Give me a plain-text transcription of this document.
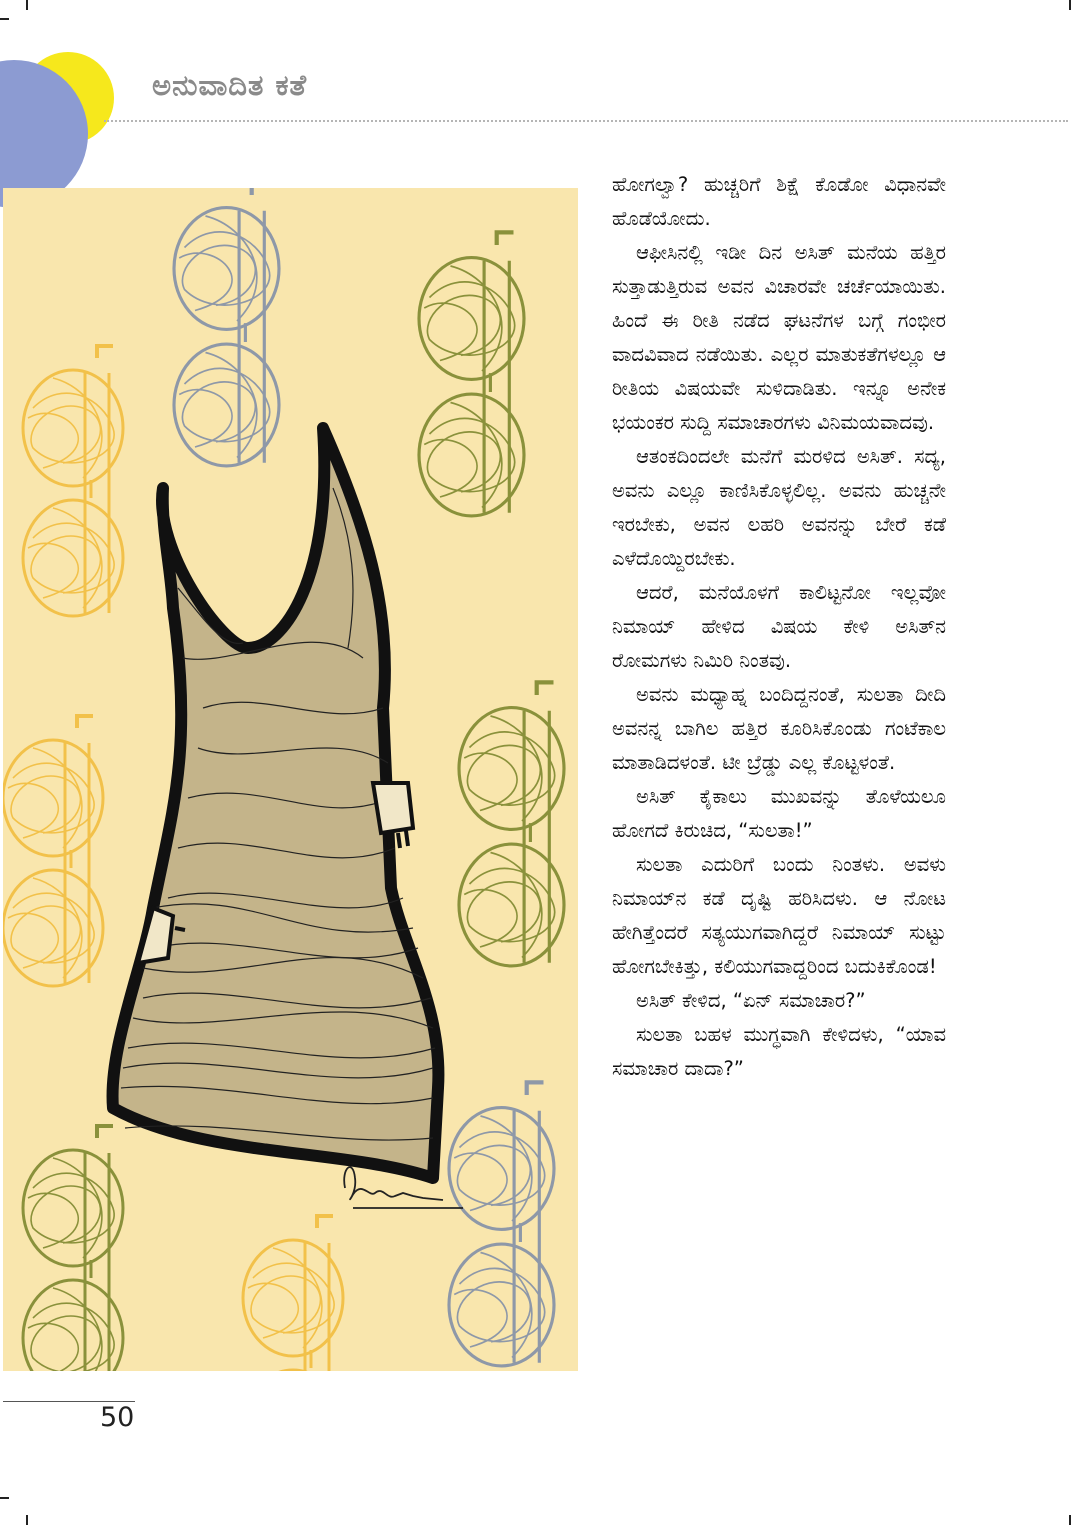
ಅನುವಾದಿತ ಕತೆ

ಹೋಗಲ್ವಾ? ಹುಚ್ಚರಿಗೆ ಶಿಕ್ಷೆ ಕೊಡೋ ವಿಧಾನವೇ ಹೊಡೆಯೋದು.

ಆಫೀಸಿನಲ್ಲಿ ಇಡೀ ದಿನ ಅಸಿತ್ ಮನೆಯ ಹತ್ತಿರ ಸುತ್ತಾಡುತ್ತಿರುವ ಅವನ ವಿಚಾರವೇ ಚರ್ಚೆಯಾಯಿತು. ಹಿಂದೆ ಈ ರೀತಿ ನಡೆದ ಘಟನೆಗಳ ಬಗ್ಗೆ ಗಂಭೀರ ವಾದವಿವಾದ ನಡೆಯಿತು. ಎಲ್ಲರ ಮಾತುಕತೆಗಳಲ್ಲೂ ಆ ರೀತಿಯ ವಿಷಯವೇ ಸುಳಿದಾಡಿತು. ಇನ್ನೂ ಅನೇಕ ಭಯಂಕರ ಸುದ್ದಿ ಸಮಾಚಾರಗಳು ವಿನಿಮಯವಾದವು.

ಆತಂಕದಿಂದಲೇ ಮನೆಗೆ ಮರಳಿದ ಅಸಿತ್. ಸದ್ಯ, ಅವನು ಎಲ್ಲೂ ಕಾಣಿಸಿಕೊಳ್ಳಲಿಲ್ಲ. ಅವನು ಹುಚ್ಚನೇ ಇರಬೇಕು, ಅವನ ಲಹರಿ ಅವನನ್ನು ಬೇರೆ ಕಡೆ ಎಳೆದೊಯ್ದಿರಬೇಕು.

ಆದರೆ, ಮನೆಯೊಳಗೆ ಕಾಲಿಟ್ಟನೋ ಇಲ್ಲವೋ ನಿಮಾಯ್ ಹೇಳಿದ ವಿಷಯ ಕೇಳಿ ಅಸಿತ್‌ನ ರೋಮಗಳು ನಿಮಿರಿ ನಿಂತವು.

ಅವನು ಮಧ್ಯಾಹ್ನ ಬಂದಿದ್ದನಂತೆ, ಸುಲತಾ ದೀದಿ ಅವನನ್ನ ಬಾಗಿಲ ಹತ್ತಿರ ಕೂರಿಸಿಕೊಂಡು ಗಂಟೆಕಾಲ ಮಾತಾಡಿದಳಂತೆ. ಟೀ ಬ್ರೆಡ್ಡು ಎಲ್ಲ ಕೊಟ್ಟಳಂತೆ.

ಅಸಿತ್ ಕೈಕಾಲು ಮುಖವನ್ನು ತೊಳೆಯಲೂ ಹೋಗದೆ ಕಿರುಚಿದ, “ಸುಲತಾ!”

ಸುಲತಾ ಎದುರಿಗೆ ಬಂದು ನಿಂತಳು. ಅವಳು ನಿಮಾಯ್‌ನ ಕಡೆ ದೃಷ್ಟಿ ಹರಿಸಿದಳು. ಆ ನೋಟ ಹೇಗಿತ್ತೆಂದರೆ ಸತ್ಯಯುಗವಾಗಿದ್ದರೆ ನಿಮಾಯ್ ಸುಟ್ಟು ಹೋಗಬೇಕಿತ್ತು, ಕಲಿಯುಗವಾದ್ದರಿಂದ ಬದುಕಿಕೊಂಡ!

ಅಸಿತ್ ಕೇಳಿದ, “ಏನ್ ಸಮಾಚಾರ?”

ಸುಲತಾ ಬಹಳ ಮುಗ್ಧವಾಗಿ ಕೇಳಿದಳು, “ಯಾವ ಸಮಾಚಾರ ದಾದಾ?”

50
